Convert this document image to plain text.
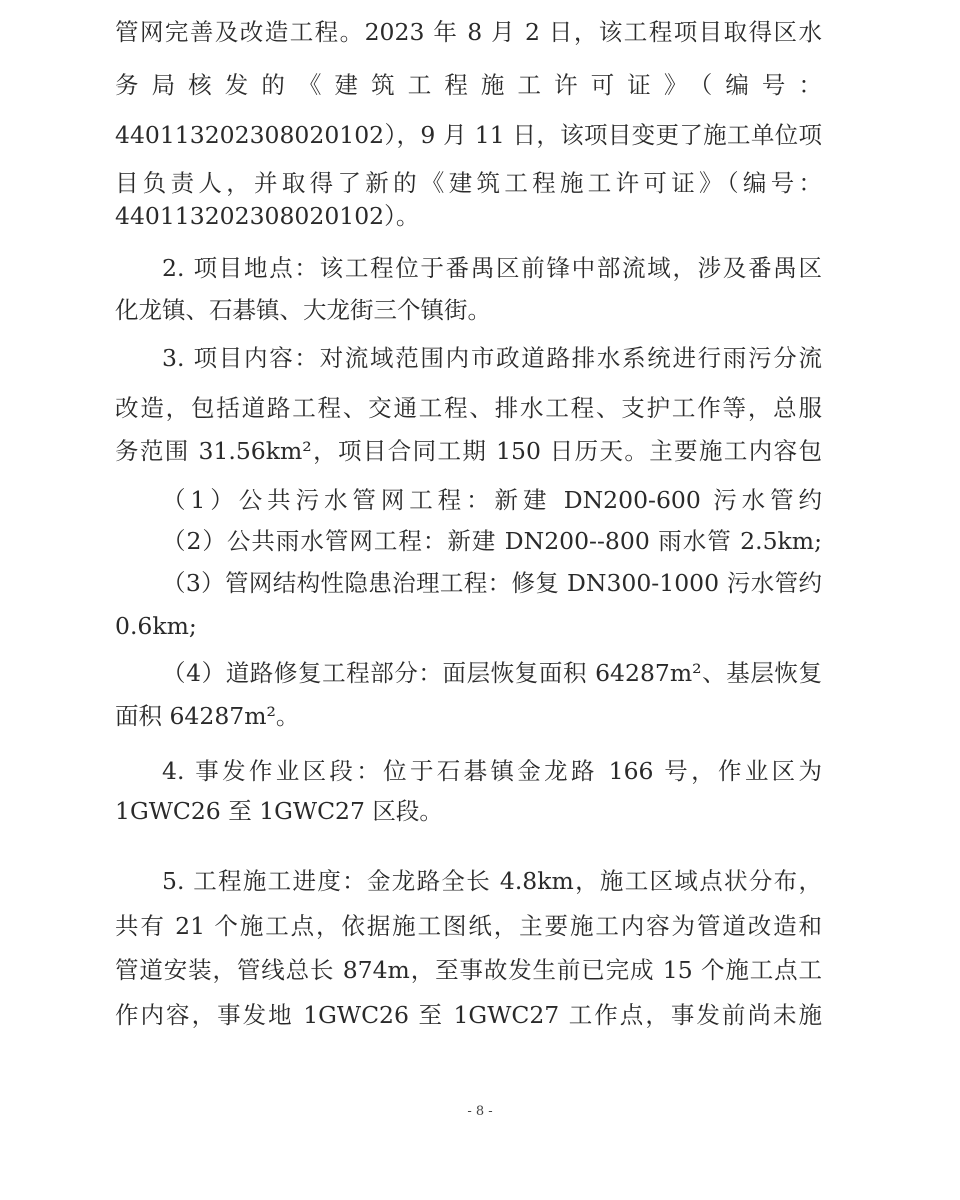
管网完善及改造工程。2023 年 8 月 2 日，该工程项目取得区水
务局核发的《建筑工程施工许可证》（编号：
440113202308020102），9 月 11 日，该项目变更了施工单位项
目负责人，并取得了新的《建筑工程施工许可证》（编号：
440113202308020102）。
2. 项目地点：该工程位于番禺区前锋中部流域，涉及番禺区
化龙镇、石碁镇、大龙街三个镇街。
3. 项目内容：对流域范围内市政道路排水系统进行雨污分流
改造，包括道路工程、交通工程、排水工程、支护工作等，总服
务范围 31.56km²，项目合同工期 150 日历天。主要施工内容包
（1）公共污水管网工程：新建 DN200-600 污水管约
（2）公共雨水管网工程：新建 DN200--800 雨水管 2.5km;
（3）管网结构性隐患治理工程：修复 DN300-1000 污水管约
0.6km;
（4）道路修复工程部分：面层恢复面积 64287m²、基层恢复
面积 64287m²。
4. 事发作业区段：位于石碁镇金龙路 166 号，作业区为
1GWC26 至 1GWC27 区段。
5. 工程施工进度：金龙路全长 4.8km，施工区域点状分布，
共有 21 个施工点，依据施工图纸，主要施工内容为管道改造和
管道安装，管线总长 874m，至事故发生前已完成 15 个施工点工
作内容，事发地 1GWC26 至 1GWC27 工作点，事发前尚未施
- 8 -
